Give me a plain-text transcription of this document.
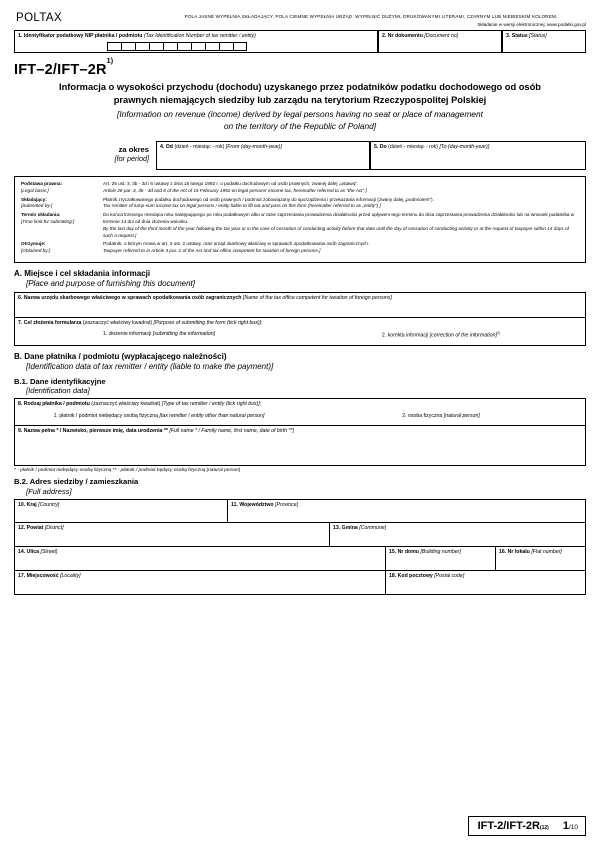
POLTAX	POLA JASNE WYPEŁNIA SKŁADAJĄCY, POLA CIEMNE WYPEŁNIA URZĄD. WYPEŁNIĆ DUŻYMI, DRUKOWANYMI LITERAMI, CZARNYM LUB NIEBIESKIM KOLOREM.
Składanie w wersji elektronicznej: www.podatki.gov.pl
1. Identyfikator podatkowy NIP płatnika / podmiotu (Tax Identification Number of tax remitter / entity)	2. Nr dokumentu [Document no]	3. Status [Status]
IFT–$2/IFT-2R^{1)}$
Informacja o wysokości przychodu (dochodu) uzyskanego przez podatników podatku dochodowego od osób
prawnych niemających siedziby lub zarządu na terytorium Rzeczypospolitej Polskiej
[Information on revenue (income) derived by legal persons having no seat or place of management
on the territory of the Republic of Poland]
za okres
[for period]
4. Od (dzień - miesiąc - rok) [From (day-month-year)]	5. Do (dzień - miesiąc - rok) [To (day-month-year)]
Podstawa prawna:
[Legal basis:]	Art. 26 ust. 3, 3b - 3d i 6 ustawy z dnia 15 lutego 1992 r. o podatku dochodowym od osób prawnych, zwanej dalej „ustawą”.
Article 26 par. 3, 3b - 3d and 6 of the Act of 15 February 1992 on legal persons' income tax, hereinafter referred to as "the Act".]
Składający:
[Submitted by:]	Płatnik zryczałtowanego podatku dochodowego od osób prawnych / podmiot zobowiązany do sporządzenia i przekazania informacji (zwany dalej „podmiotem”).
Tax remitter of lump-sum income tax on legal persons / entity liable to fill out and pass on this form (hereinafter referred to as „entity”).]
Termin składania:
[Time limit for submitting:]	Do końca trzeciego miesiąca roku następującego po roku podatkowym albo w razie zaprzestania prowadzenia działalności przed upływem tego terminu do dnia zaprzestania prowadzenia działalności lub na wniosek podatnika w terminie 14 dni od dnia złożenia wniosku.
By the last day of the third month of the year following the tax year or in the case of cessation of conducting activity before that date until the day of cessation of conducting activity or at the request of taxpayer within 14 days of such a request.]
Otrzymuje:
[Obtained by:]	Podatnik, o którym mowa w art. 3 ust. 2 ustawy, oraz urząd skarbowy właściwy w sprawach opodatkowania osób zagranicznych.
Taxpayer referred to in Article 3 par. 2 of the Act and tax office competent for taxation of foreign persons.]
A. Miejsce i cel składania informacji
[Place and purpose of furnishing this document]
6. Nazwa urzędu skarbowego właściwego w sprawach opodatkowania osób zagranicznych [Name of the tax office competent for taxation of foreign persons]
7. Cel złożenia formularza (zaznaczyć właściwy kwadrat) [Purpose of submitting the form (tick right box)]:
1. złożenie informacji [submitting the information]	2. korekta informacji [correction of the information]$^{2)}$
B. Dane płatnika / podmiotu (wypłacającego należności)
[Identification data of tax remitter / entity (liable to make the payment)]
B.1. Dane identyfikacyjne
[Identification data]
8. Rodzaj płatnika / podmiotu (zaznaczyć właściwy kwadrat) [Type of tax remitter / entity (tick right box)]:
1. płatnik / podmiot niebędący osobą fizyczną [tax remitter / entity other than natural person]	2. osoba fizyczna [natural person]
9. Nazwa pełna * / Nazwisko, pierwsze imię, data urodzenia ** [Full name * / Family name, first name, date of birth **]
* - płatnik / podmiot niebędący osobą fizyczną ** - płatnik / podmiot będący osobą fizyczną [natural person]
B.2. Adres siedziby / zamieszkania
[Full address]
10. Kraj [Country]	11. Województwo [Province]
12. Powiat [District]	13. Gmina [Commune]
14. Ulica [Street]	15. Nr domu [Building number]	16. Nr lokalu [Flat number]
17. Miejscowość [Locality]	18. Kod pocztowy [Postal code]
IFT-2/IFT-2R (12) 1/10
